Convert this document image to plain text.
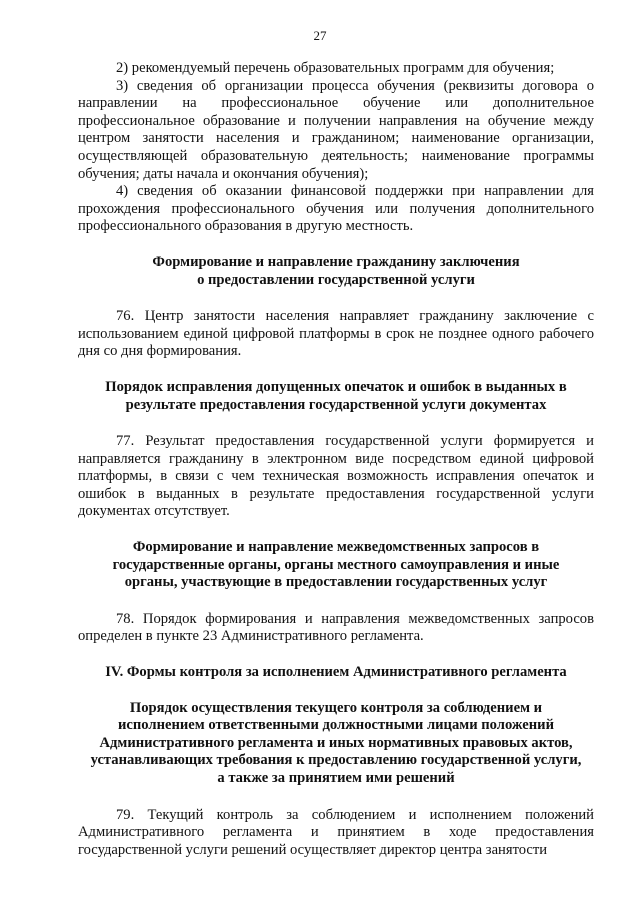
27

2) рекомендуемый перечень образовательных программ для обучения;

3) сведения об организации процесса обучения (реквизиты договора о направлении на профессиональное обучение или дополнительное профессиональное образование и получении направления на обучение между центром занятости населения и гражданином; наименование организации, осуществляющей образовательную деятельность; наименование программы обучения; даты начала и окончания обучения);

4) сведения об оказании финансовой поддержки при направлении для прохождения профессионального обучения или получения дополнительного профессионального образования в другую местность.

Формирование и направление гражданину заключения
о предоставлении государственной услуги

76. Центр занятости населения направляет гражданину заключение с использованием единой цифровой платформы в срок не позднее одного рабочего дня со дня формирования.

Порядок исправления допущенных опечаток и ошибок в выданных в
результате предоставления государственной услуги документах

77. Результат предоставления государственной услуги формируется и направляется гражданину в электронном виде посредством единой цифровой платформы, в связи с чем техническая возможность исправления опечаток и ошибок в выданных в результате предоставления государственной услуги документах отсутствует.

Формирование и направление межведомственных запросов в
государственные органы, органы местного самоуправления и иные
органы, участвующие в предоставлении государственных услуг

78. Порядок формирования и направления межведомственных запросов определен в пункте 23 Административного регламента.

IV. Формы контроля за исполнением Административного регламента
Порядок осуществления текущего контроля за соблюдением и
исполнением ответственными должностными лицами положений
Административного регламента и иных нормативных правовых актов,
устанавливающих требования к предоставлению государственной услуги,
а также за принятием ими решений

79. Текущий контроль за соблюдением и исполнением положений Административного регламента и принятием в ходе предоставления государственной услуги решений осуществляет директор центра занятости
